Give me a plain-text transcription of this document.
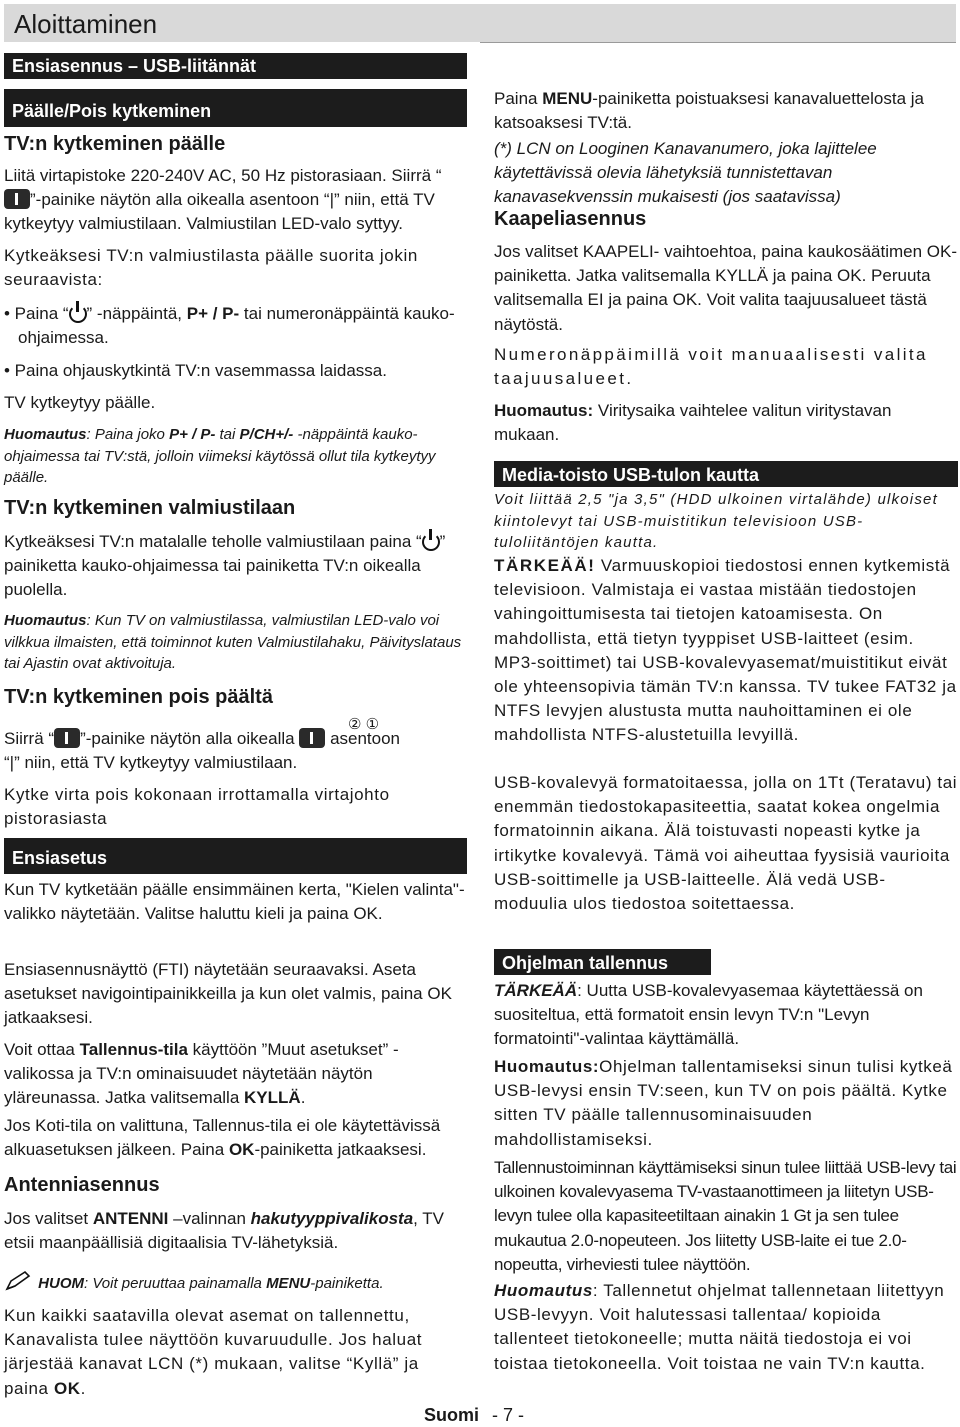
Aloittaminen
Ensiasennus – USB-liitännät
Päälle/Pois kytkeminen

TV:n kytkeminen päälle

Liitä virtapistoke 220-240V AC, 50 Hz pistorasiaan. Siirrä “”-painike näytön alla oikealla asentoon “|” niin, että TV kytkeytyy valmiustilaan. Valmiustilan LED-valo syttyy.

Kytkeäksesi TV:n valmiustilasta päälle suorita jokin seuraavista:

• Paina “ ” -näppäintä, P+ / P- tai numeronäppäintä kauko-ohjaimessa.

• Paina ohjauskytkintä TV:n vasemmassa laidassa.

TV kytkeytyy päälle.

Huomautus: Paina joko P+ / P- tai P/CH+/- -näppäintä kauko-ohjaimessa tai TV:stä, jolloin viimeksi käytössä ollut tila kytkeytyy päälle.

TV:n kytkeminen valmiustilaan

Kytkeäksesi TV:n matalalle teholle valmiustilaan paina “ ” painiketta kauko-ohjaimessa tai painiketta TV:n oikealla puolella.

Huomautus: Kun TV on valmiustilassa, valmiustilan LED-valo voi vilkkua ilmaisten, että toiminnot kuten Valmiustilahaku, Päivityslataus tai Ajastin ovat aktivoituja.

TV:n kytkeminen pois päältä

② ①

Siirrä “ ”-painike näytön alla oikealla asentoon
“|” niin, että TV kytkeytyy valmiustilaan.

Kytke virta pois kokonaan irrottamalla virtajohto pistorasiasta

Ensiasetus

Kun TV kytketään päälle ensimmäinen kerta, "Kielen valinta"-valikko näytetään. Valitse haluttu kieli ja paina OK.

Ensiasennusnäyttö (FTI) näytetään seuraavaksi. Aseta asetukset navigointipainikkeilla ja kun olet valmis, paina OK jatkaaksesi.

Voit ottaa Tallennus-tila käyttöön ”Muut asetukset” -valikossa ja TV:n ominaisuudet näytetään näytön yläreunassa. Jatka valitsemalla KYLLÄ.

Jos Koti-tila on valittuna, Tallennus-tila ei ole käytettävissä alkuasetuksen jälkeen. Paina OK-painiketta jatkaaksesi.

Antenniasennus

Jos valitset ANTENNI –valinnan hakutyyppivalikosta, TV etsii maanpäällisiä digitaalisia TV-lähetyksiä.

HUOM: Voit peruuttaa painamalla MENU-painiketta.

Kun kaikki saatavilla olevat asemat on tallennettu, Kanavalista tulee näyttöön kuvaruudulle. Jos haluat järjestää kanavat LCN (*) mukaan, valitse “Kyllä” ja paina OK.

Paina MENU-painiketta poistuaksesi kanavaluettelosta ja katsoaksesi TV:tä.

(*) LCN on Looginen Kanavanumero, joka lajittelee käytettävissä olevia lähetyksiä tunnistettavan kanavasekvenssin mukaisesti (jos saatavissa)

Kaapeliasennus

Jos valitset KAAPELI- vaihtoehtoa, paina kaukosäätimen OK-painiketta. Jatka valitsemalla KYLLÄ ja paina OK. Peruuta valitsemalla EI ja paina OK. Voit valita taajuusalueet tästä näytöstä.

Numeronäppäimillä voit manuaalisesti valita taajuusalueet.

Huomautus: Viritysaika vaihtelee valitun viritystavan mukaan.

Media-toisto USB-tulon kautta

Voit liittää 2,5 "ja 3,5" (HDD ulkoinen virtalähde) ulkoiset kiintolevyt tai USB-muistitikun televisioon USB-tuloliitäntöjen kautta.

TÄRKEÄÄ! Varmuuskopioi tiedostosi ennen kytkemistä televisioon. Valmistaja ei vastaa mistään tiedostojen vahingoittumisesta tai tietojen katoamisesta. On mahdollista, että tietyn tyyppiset USB-laitteet (esim. MP3-soittimet) tai USB-kovalevyasemat/muistitikut eivät ole yhteensopivia tämän TV:n kanssa. TV tukee FAT32 ja NTFS levyjen alustusta mutta nauhoittaminen ei ole mahdollista NTFS-alustetuilla levyillä.

USB-kovalevyä formatoitaessa, jolla on 1Tt (Teratavu) tai enemmän tiedostokapasiteettia, saatat kokea ongelmia formatoinnin aikana. Älä toistuvasti nopeasti kytke ja irtikytke kovalevyä. Tämä voi aiheuttaa fyysisiä vaurioita USB-soittimelle ja USB-laitteelle. Älä vedä USB-moduulia ulos tiedostoa soitettaessa.

Ohjelman tallennus

TÄRKEÄÄ: Uutta USB-kovalevyasemaa käytettäessä on suositeltua, että formatoit ensin levyn TV:n "Levyn formatointi"-valintaa käyttämällä.

Huomautus:Ohjelman tallentamiseksi sinun tulisi kytkeä USB-levysi ensin TV:seen, kun TV on pois päältä. Kytke sitten TV päälle tallennusominaisuuden mahdollistamiseksi.

Tallennustoiminnan käyttämiseksi sinun tulee liittää USB-levy tai ulkoinen kovalevyasema TV-vastaanottimeen ja liitetyn USB-levyn tulee olla kapasiteetiltaan ainakin 1 Gt ja sen tulee mukautua 2.0-nopeuteen. Jos liitetty USB-laite ei tue 2.0-nopeutta, virheviesti tulee näyttöön.

Huomautus: Tallennetut ohjelmat tallennetaan liitettyyn USB-levyyn. Voit halutessasi tallentaa/ kopioida tallenteet tietokoneelle; mutta näitä tiedostoja ei voi toistaa tietokoneella. Voit toistaa ne vain TV:n kautta.

Suomi - 7 -
